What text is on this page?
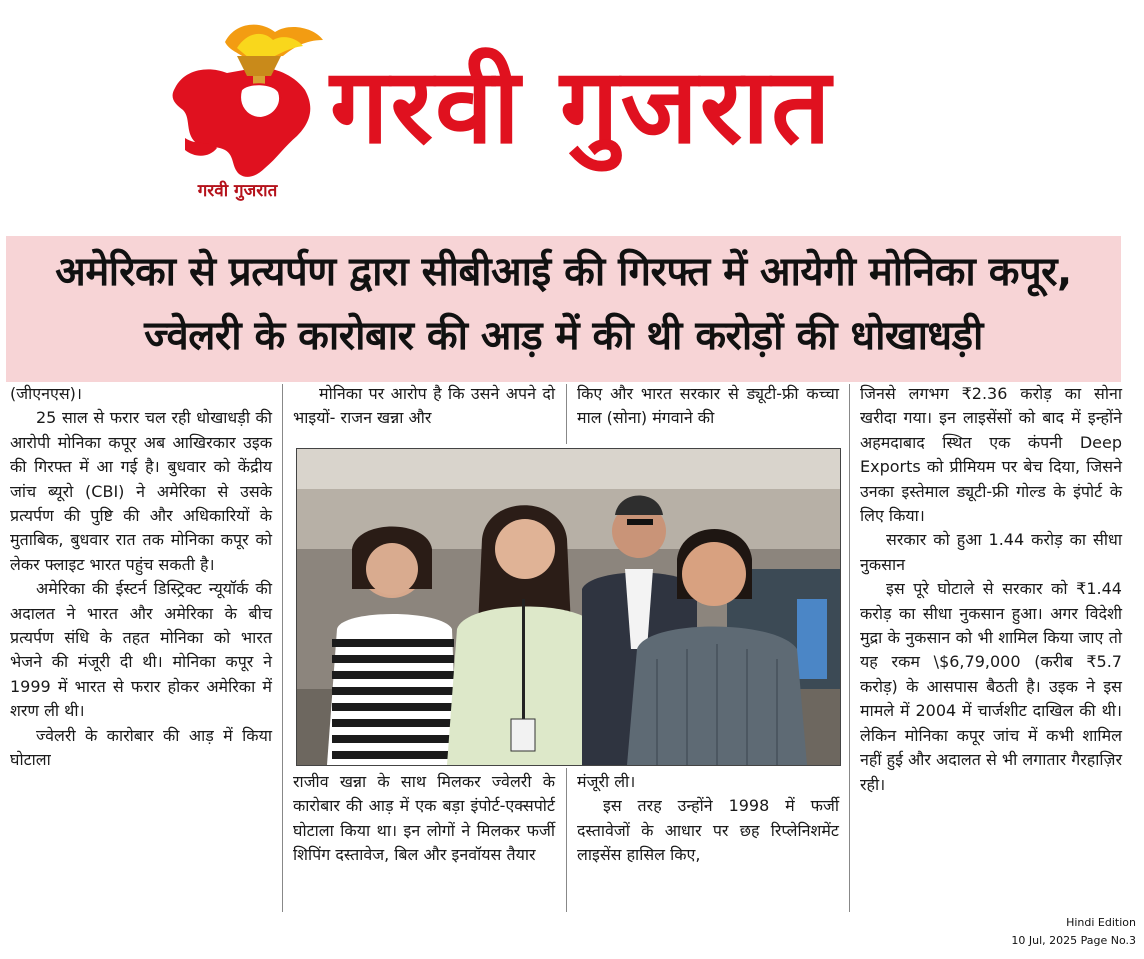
गरवी गुजरात
गरवी गुजरात
अमेरिका से प्रत्यर्पण द्वारा सीबीआई की गिरफ्त में आयेगी मोनिका कपूर, ज्वेलरी के कारोबार की आड़ में की थी करोड़ों की धोखाधड़ी

(जीएनएस)।

25 साल से फरार चल रही धोखाधड़ी की आरोपी मोनिका कपूर अब आखिरकार उइक की गिरफ्त में आ गई है। बुधवार को केंद्रीय जांच ब्यूरो (CBI) ने अमेरिका से उसके प्रत्यर्पण की पुष्टि की और अधिकारियों के मुताबिक, बुधवार रात तक मोनिका कपूर को लेकर फ्लाइट भारत पहुंच सकती है।

अमेरिका की ईस्टर्न डिस्ट्रिक्ट न्यूयॉर्क की अदालत ने भारत और अमेरिका के बीच प्रत्यर्पण संधि के तहत मोनिका को भारत भेजने की मंजूरी दी थी। मोनिका कपूर ने 1999 में भारत से फरार होकर अमेरिका में शरण ली थी।

ज्वेलरी के कारोबार की आड़ में किया घोटाला

मोनिका पर आरोप है कि उसने अपने दो भाइयों- राजन खन्ना और

किए और भारत सरकार से ड्यूटी-फ्री कच्चा माल (सोना) मंगवाने की

राजीव खन्ना के साथ मिलकर ज्वेलरी के कारोबार की आड़ में एक बड़ा इंपोर्ट-एक्सपोर्ट घोटाला किया था। इन लोगों ने मिलकर फर्जी शिपिंग दस्तावेज, बिल और इनवॉयस तैयार

मंजूरी ली।

इस तरह उन्होंने 1998 में फर्जी दस्तावेजों के आधार पर छह रिप्लेनिशमेंट लाइसेंस हासिल किए,

जिनसे लगभग ₹2.36 करोड़ का सोना खरीदा गया। इन लाइसेंसों को बाद में इन्होंने अहमदाबाद स्थित एक कंपनी Deep Exports को प्रीमियम पर बेच दिया, जिसने उनका इस्तेमाल ड्यूटी-फ्री गोल्ड के इंपोर्ट के लिए किया।

सरकार को हुआ 1.44 करोड़ का सीधा नुकसान

इस पूरे घोटाले से सरकार को ₹1.44 करोड़ का सीधा नुकसान हुआ। अगर विदेशी मुद्रा के नुकसान को भी शामिल किया जाए तो यह रकम \$6,79,000 (करीब ₹5.7 करोड़) के आसपास बैठती है। उइक ने इस मामले में 2004 में चार्जशीट दाखिल की थी। लेकिन मोनिका कपूर जांच में कभी शामिल नहीं हुई और अदालत से भी लगातार गैरहाज़िर रही।

Hindi Edition
10 Jul, 2025 Page No.3
